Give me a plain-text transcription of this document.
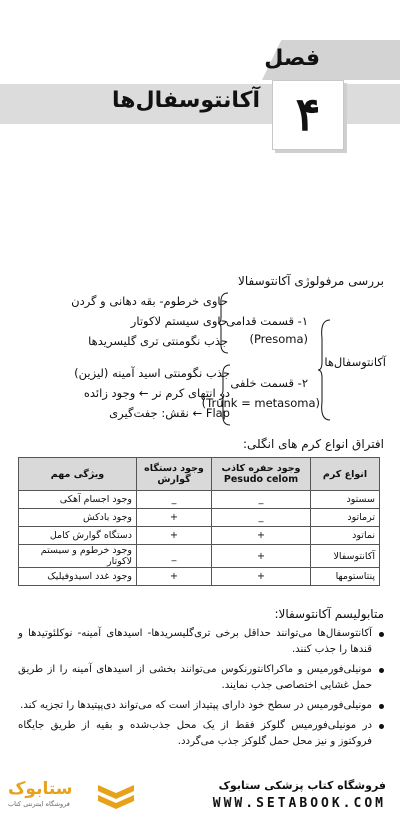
فصل
۴
آکانتوسفال‌ها
بررسی مرفولوژی آکانتوسفالا
آکانتوسفال‌ها
۱- قسمت قدامی
(Presoma)
حاوی خرطوم- بقه دهانی و گردن
حاوی سیستم لاکوتار
جذب نگومنتی تری گلیسریدها
۲- قسمت خلفی
(Trunk = metasoma)
جذب نگومنتی اسید آمینه (لیزین)
در انتهای کرم نر ← وجود زائده
Flap ← نقش: جفت‌گیری
افتراق انواع کرم های انگلی:
انواع کرم	وجود حفره کاذب Pesudo celom	وجود دستگاه گوارش	ویژگی مهم
سستود	_	_	وجود اجسام آهکی
ترماتود	_	+	وجود بادکش
نماتود	+	+	دستگاه گوارش کامل
آکانتوسفالا	+	_	وجود خرطوم و سیستم لاکوتار
پنتاستومها	+	+	وجود غدد اسیدوفیلیک
متابولیسم آکانتوسفالا:
آکانتوسفال‌ها می‌توانند حداقل برخی تری‌گلیسریدها- اسیدهای آمینه- نوکلئوتیدها و قندها را جذب کنند.
مونیلی‌فورمیس و ماکراکانتورنکوس می‌توانند بخشی از اسیدهای آمینه را از طریق حمل غشایی اختصاصی جذب نمایند.
مونیلی‌فورمیس در سطح خود دارای پپتیداز است که می‌تواند دی‌پپتیدها را تجزیه کند.
در مونیلی‌فورمیس گلوکز فقط از یک محل جذب‌شده و بقیه از طریق جایگاه فروکتوز و نیز محل حمل گلوکز جذب می‌گردد.
فروشگاه کتاب پزشکی ستابوک
WWW.SETABOOK.COM
ستابوک
فروشگاه اینترنتی کتاب
